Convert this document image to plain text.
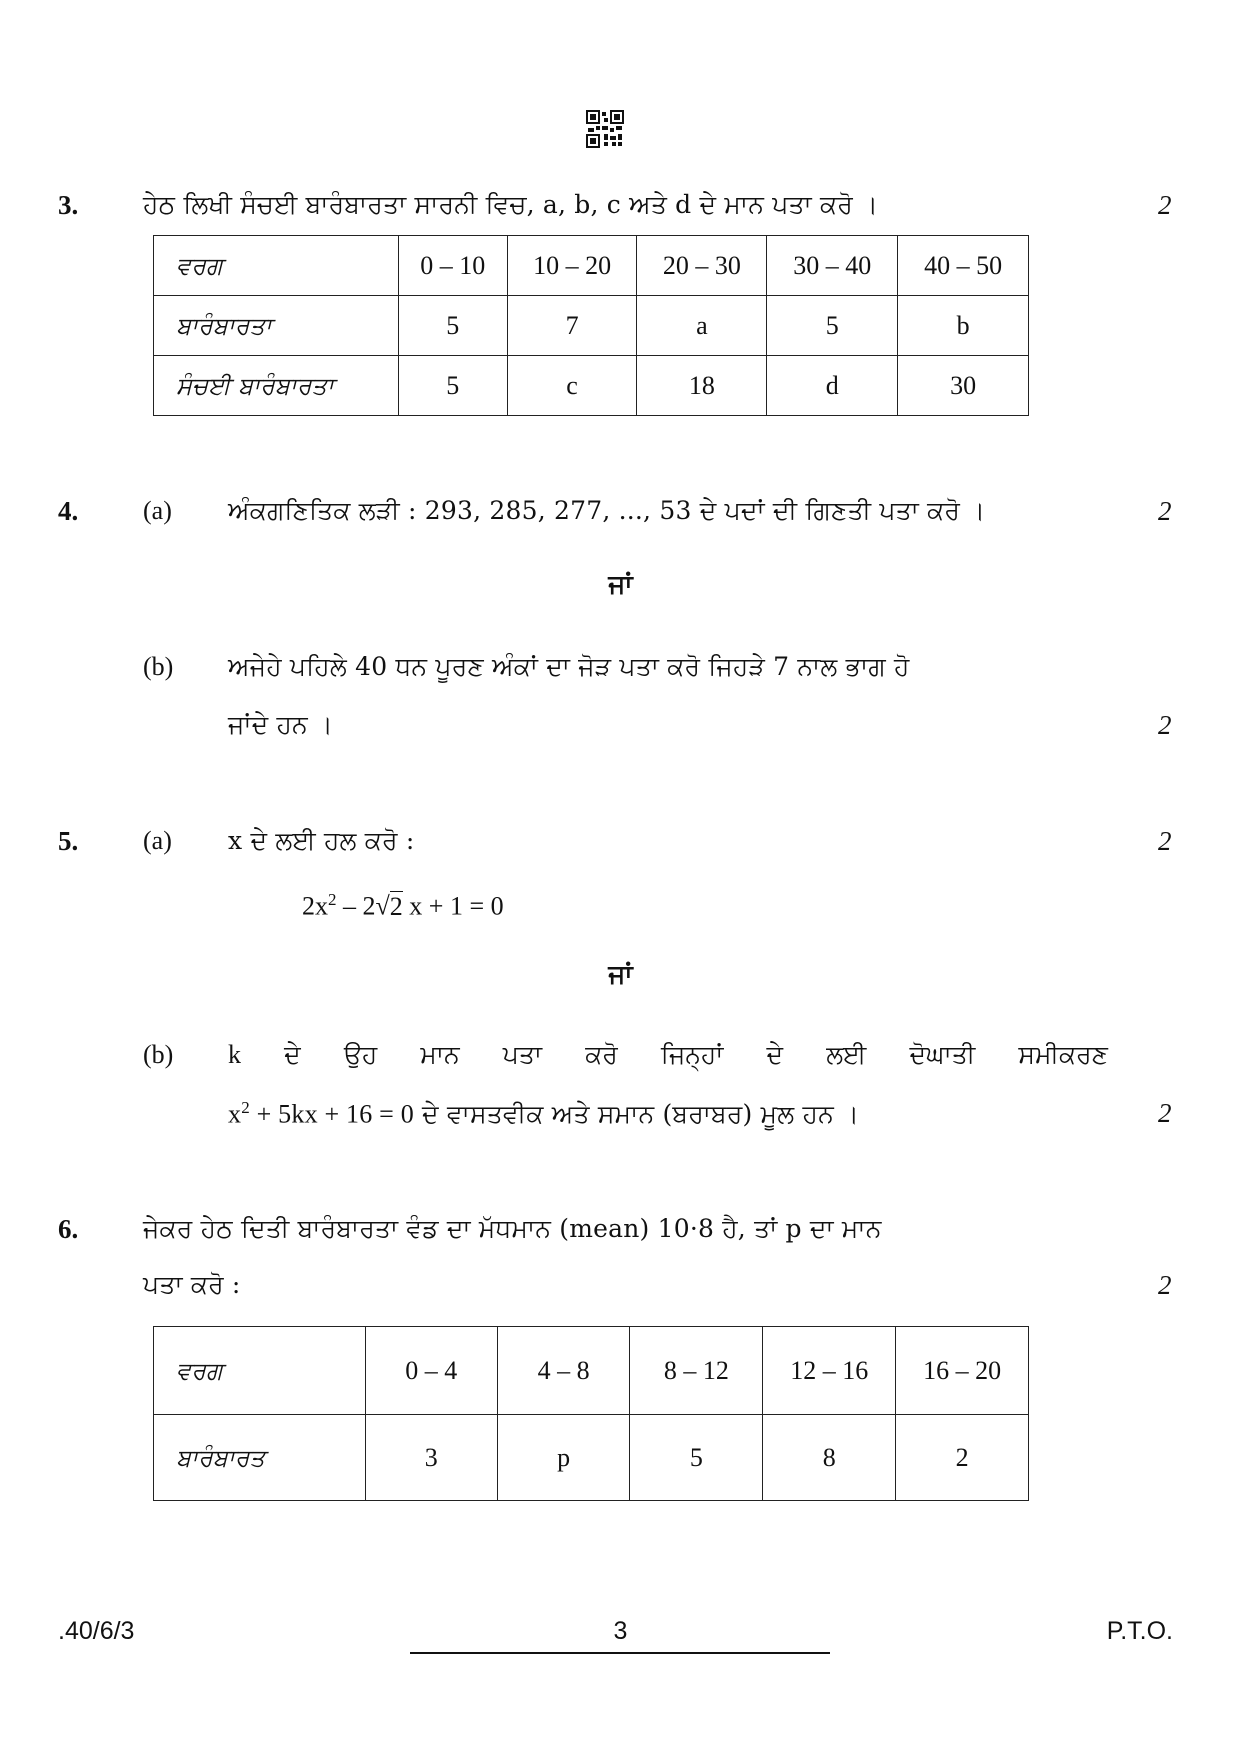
3.	ਹੇਠ ਲਿਖੀ ਸੰਚਈ ਬਾਰੰਬਾਰਤਾ ਸਾਰਨੀ ਵਿਚ, a, b, c ਅਤੇ d ਦੇ ਮਾਨ ਪਤਾ ਕਰੋ ।	2
ਵਰਗ	0 – 10	10 – 20	20 – 30	30 – 40	40 – 50
ਬਾਰੰਬਾਰਤਾ	5	7	a	5	b
ਸੰਚਈ ਬਾਰੰਬਾਰਤਾ	5	c	18	d	30
4. (a) ਅੰਕਗਣਿਤਿਕ ਲੜੀ : 293, 285, 277, ..., 53 ਦੇ ਪਦਾਂ ਦੀ ਗਿਣਤੀ ਪਤਾ ਕਰੋ ।	2
ਜਾਂ
(b) ਅਜੇਹੇ ਪਹਿਲੇ 40 ਧਨ ਪੂਰਣ ਅੰਕਾਂ ਦਾ ਜੋੜ ਪਤਾ ਕਰੋ ਜਿਹੜੇ 7 ਨਾਲ ਭਾਗ ਹੋ
ਜਾਂਦੇ ਹਨ ।	2
5. (a) x ਦੇ ਲਈ ਹਲ ਕਰੋ :	2
$2x^2 - 2√2$ x + 1 = 0
ਜਾਂ
(b) k ਦੇ ਉਹ ਮਾਨ ਪਤਾ ਕਰੋ ਜਿਨ੍ਹਾਂ ਦੇ ਲਈ ਦੋਘਾਤੀ ਸਮੀਕਰਣ
$x^2 + 5kx + 16 = 0$ ਦੇ ਵਾਸਤਵੀਕ ਅਤੇ ਸਮਾਨ (ਬਰਾਬਰ) ਮੂਲ ਹਨ ।	2
6.	ਜੇਕਰ ਹੇਠ ਦਿਤੀ ਬਾਰੰਬਾਰਤਾ ਵੰਡ ਦਾ ਮੱਧਮਾਨ (mean) 10·8 ਹੈ, ਤਾਂ p ਦਾ ਮਾਨ
ਪਤਾ ਕਰੋ :	2
ਵਰਗ	0 – 4	4 – 8	8 – 12	12 – 16	16 – 20
ਬਾਰੰਬਾਰਤ	3	p	5	8	2
.40/6/3	3	P.T.O.
